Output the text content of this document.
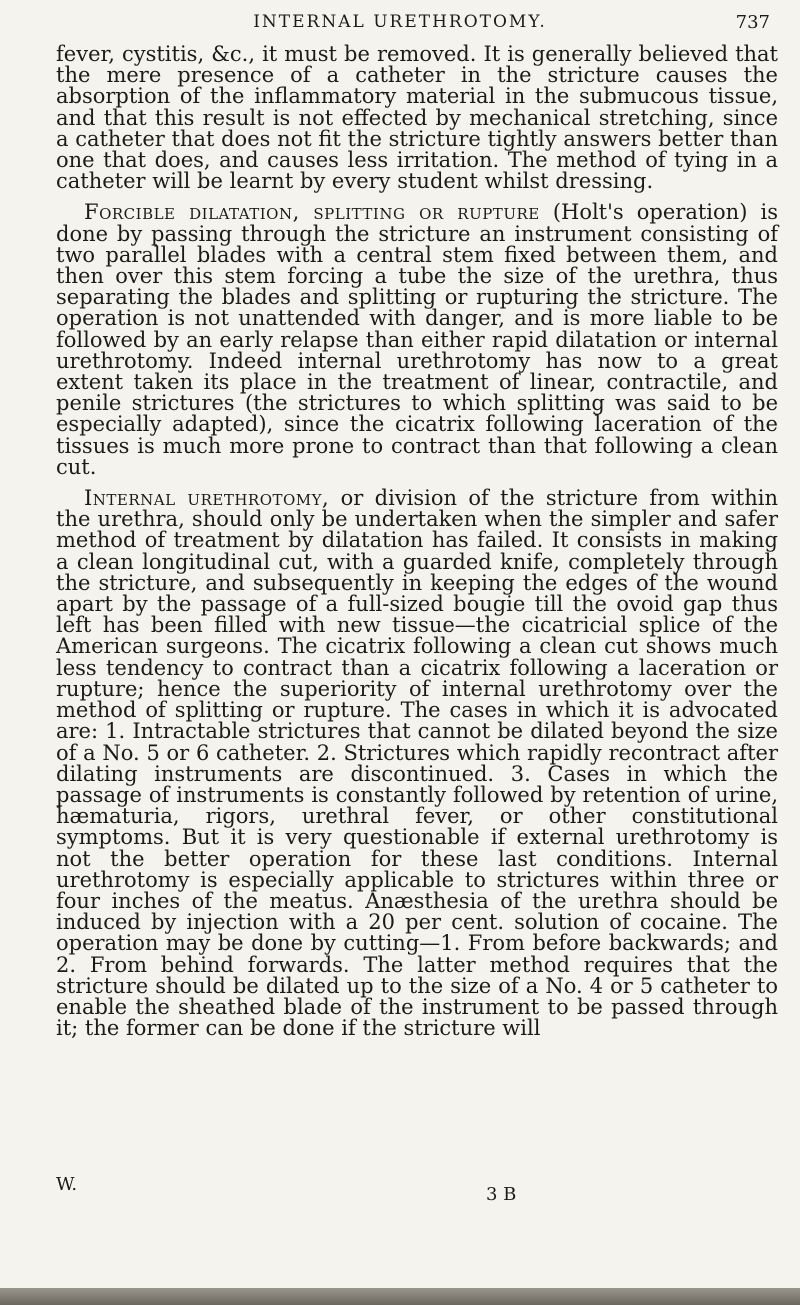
INTERNAL URETHROTOMY.	737

fever, cystitis, &c., it must be removed. It is generally believed that the mere presence of a catheter in the stricture causes the absorption of the inflammatory material in the submucous tissue, and that this result is not effected by mechanical stretching, since a catheter that does not fit the stricture tightly answers better than one that does, and causes less irritation. The method of tying in a catheter will be learnt by every student whilst dressing.

Forcible dilatation, splitting or rupture (Holt's operation) is done by passing through the stricture an instrument consisting of two parallel blades with a central stem fixed between them, and then over this stem forcing a tube the size of the urethra, thus separating the blades and splitting or rupturing the stricture. The operation is not unattended with danger, and is more liable to be followed by an early relapse than either rapid dilatation or internal urethrotomy. Indeed internal urethrotomy has now to a great extent taken its place in the treatment of linear, contractile, and penile strictures (the strictures to which splitting was said to be especially adapted), since the cicatrix following laceration of the tissues is much more prone to contract than that following a clean cut.

Internal urethrotomy, or division of the stricture from within the urethra, should only be undertaken when the simpler and safer method of treatment by dilatation has failed. It consists in making a clean longitudinal cut, with a guarded knife, completely through the stricture, and subsequently in keeping the edges of the wound apart by the passage of a full-sized bougie till the ovoid gap thus left has been filled with new tissue—the cicatricial splice of the American surgeons. The cicatrix following a clean cut shows much less tendency to contract than a cicatrix following a laceration or rupture; hence the superiority of internal urethrotomy over the method of splitting or rupture. The cases in which it is advocated are: 1. Intractable strictures that cannot be dilated beyond the size of a No. 5 or 6 catheter. 2. Strictures which rapidly recontract after dilating instruments are discontinued. 3. Cases in which the passage of instruments is constantly followed by retention of urine, hæmaturia, rigors, urethral fever, or other constitutional symptoms. But it is very questionable if external urethrotomy is not the better operation for these last conditions. Internal urethrotomy is especially applicable to strictures within three or four inches of the meatus. Anæsthesia of the urethra should be induced by injection with a 20 per cent. solution of cocaine. The operation may be done by cutting—1. From before backwards; and 2. From behind forwards. The latter method requires that the stricture should be dilated up to the size of a No. 4 or 5 catheter to enable the sheathed blade of the instrument to be passed through it; the former can be done if the stricture will

W.	3 B
